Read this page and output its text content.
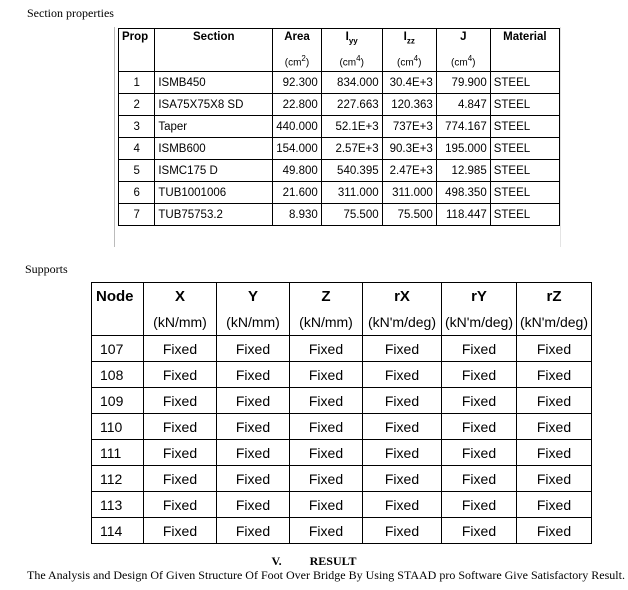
Section properties
Prop	Section	Area	$I_{yy}$	$I_{zz}$	J	Material
		$(cm^2)$	$(cm^4)$	$(cm^4)$	$(cm^4)$	
1	ISMB450	92.300	834.000	30.4E+3	79.900	STEEL
2	ISA75X75X8 SD	22.800	227.663	120.363	4.847	STEEL
3	Taper	440.000	52.1E+3	737E+3	774.167	STEEL
4	ISMB600	154.000	2.57E+3	90.3E+3	195.000	STEEL
5	ISMC175 D	49.800	540.395	2.47E+3	12.985	STEEL
6	TUB1001006	21.600	311.000	311.000	498.350	STEEL
7	TUB75753.2	8.930	75.500	75.500	118.447	STEEL
Supports
Node	X	Y	Z	rX	rY	rZ
	(kN/mm)	(kN/mm)	(kN/mm)	(kN'm/deg)	(kN'm/deg)	(kN'm/deg)
107	Fixed	Fixed	Fixed	Fixed	Fixed	Fixed
108	Fixed	Fixed	Fixed	Fixed	Fixed	Fixed
109	Fixed	Fixed	Fixed	Fixed	Fixed	Fixed
110	Fixed	Fixed	Fixed	Fixed	Fixed	Fixed
111	Fixed	Fixed	Fixed	Fixed	Fixed	Fixed
112	Fixed	Fixed	Fixed	Fixed	Fixed	Fixed
113	Fixed	Fixed	Fixed	Fixed	Fixed	Fixed
114	Fixed	Fixed	Fixed	Fixed	Fixed	Fixed
V. RESULT
The Analysis and Design Of Given Structure Of Foot Over Bridge By Using STAAD pro Software Give Satisfactory Result.
